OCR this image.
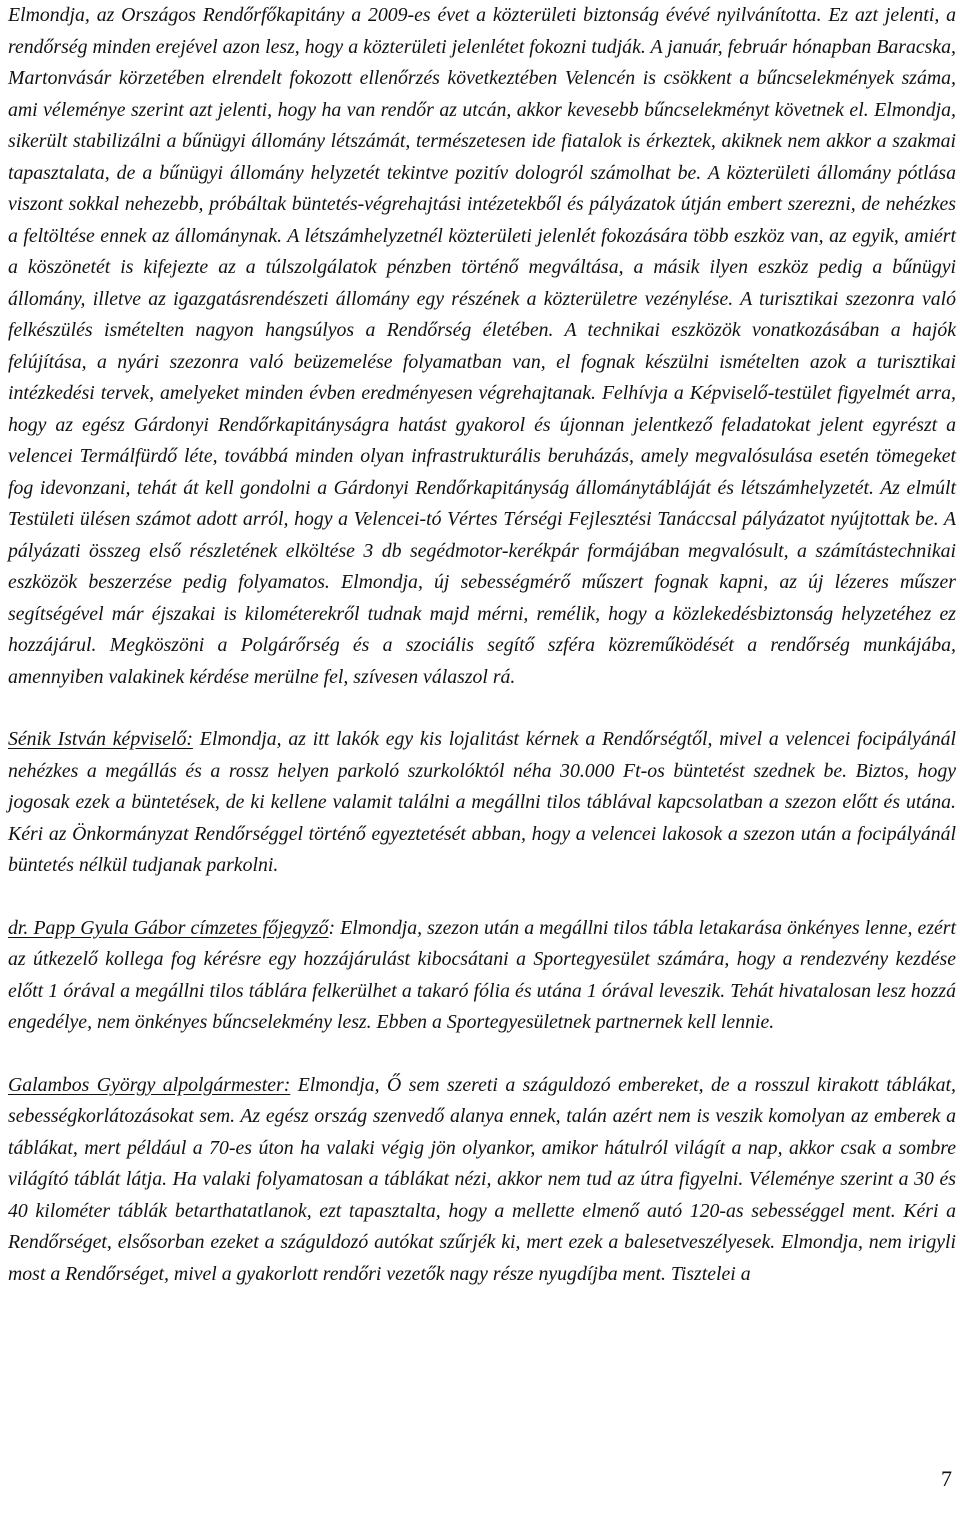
Elmondja, az Országos Rendőrfőkapitány a 2009-es évet a közterületi biztonság évévé nyilvánította. Ez azt jelenti, a rendőrség minden erejével azon lesz, hogy a közterületi jelenlétet fokozni tudják. A január, február hónapban Baracska, Martonvásár körzetében elrendelt fokozott ellenőrzés következtében Velencén is csökkent a bűncselekmények száma, ami véleménye szerint azt jelenti, hogy ha van rendőr az utcán, akkor kevesebb bűncselekményt követnek el. Elmondja, sikerült stabilizálni a bűnügyi állomány létszámát, természetesen ide fiatalok is érkeztek, akiknek nem akkor a szakmai tapasztalata, de a bűnügyi állomány helyzetét tekintve pozitív dologról számolhat be. A közterületi állomány pótlása viszont sokkal nehezebb, próbáltak büntetés-végrehajtási intézetekből és pályázatok útján embert szerezni, de nehézkes a feltöltése ennek az állománynak. A létszámhelyzetnél közterületi jelenlét fokozására több eszköz van, az egyik, amiért a köszönetét is kifejezte az a túlszolgálatok pénzben történő megváltása, a másik ilyen eszköz pedig a bűnügyi állomány, illetve az igazgatásrendészeti állomány egy részének a közterületre vezénylése. A turisztikai szezonra való felkészülés ismételten nagyon hangsúlyos a Rendőrség életében. A technikai eszközök vonatkozásában a hajók felújítása, a nyári szezonra való beüzemelése folyamatban van, el fognak készülni ismételten azok a turisztikai intézkedési tervek, amelyeket minden évben eredményesen végrehajtanak. Felhívja a Képviselő-testület figyelmét arra, hogy az egész Gárdonyi Rendőrkapitányságra hatást gyakorol és újonnan jelentkező feladatokat jelent egyrészt a velencei Termálfürdő léte, továbbá minden olyan infrastrukturális beruházás, amely megvalósulása esetén tömegeket fog idevonzani, tehát át kell gondolni a Gárdonyi Rendőrkapitányság állománytábláját és létszámhelyzetét. Az elmúlt Testületi ülésen számot adott arról, hogy a Velencei-tó Vértes Térségi Fejlesztési Tanáccsal pályázatot nyújtottak be. A pályázati összeg első részletének elköltése 3 db segédmotor-kerékpár formájában megvalósult, a számítástechnikai eszközök beszerzése pedig folyamatos. Elmondja, új sebességmérő műszert fognak kapni, az új lézeres műszer segítségével már éjszakai is kilométerekről tudnak majd mérni, remélik, hogy a közlekedésbiztonság helyzetéhez ez hozzájárul. Megköszöni a Polgárőrség és a szociális segítő szféra közreműködését a rendőrség munkájába, amennyiben valakinek kérdése merülne fel, szívesen válaszol rá.

Sénik István képviselő: Elmondja, az itt lakók egy kis lojalitást kérnek a Rendőrségtől, mivel a velencei focipályánál nehézkes a megállás és a rossz helyen parkoló szurkolóktól néha 30.000 Ft-os büntetést szednek be. Biztos, hogy jogosak ezek a büntetések, de ki kellene valamit találni a megállni tilos táblával kapcsolatban a szezon előtt és utána. Kéri az Önkormányzat Rendőrséggel történő egyeztetését abban, hogy a velencei lakosok a szezon után a focipályánál büntetés nélkül tudjanak parkolni.

dr. Papp Gyula Gábor címzetes főjegyző: Elmondja, szezon után a megállni tilos tábla letakarása önkényes lenne, ezért az útkezelő kollega fog kérésre egy hozzájárulást kibocsátani a Sportegyesület számára, hogy a rendezvény kezdése előtt 1 órával a megállni tilos táblára felkerülhet a takaró fólia és utána 1 órával leveszik. Tehát hivatalosan lesz hozzá engedélye, nem önkényes bűncselekmény lesz. Ebben a Sportegyesületnek partnernek kell lennie.

Galambos György alpolgármester: Elmondja, Ő sem szereti a száguldozó embereket, de a rosszul kirakott táblákat, sebességkorlátozásokat sem. Az egész ország szenvedő alanya ennek, talán azért nem is veszik komolyan az emberek a táblákat, mert például a 70-es úton ha valaki végig jön olyankor, amikor hátulról világít a nap, akkor csak a sombre világító táblát látja. Ha valaki folyamatosan a táblákat nézi, akkor nem tud az útra figyelni. Véleménye szerint a 30 és 40 kilométer táblák betarthatatlanok, ezt tapasztalta, hogy a mellette elmenő autó 120-as sebességgel ment. Kéri a Rendőrséget, elsősorban ezeket a száguldozó autókat szűrjék ki, mert ezek a balesetveszélyesek. Elmondja, nem irigyli most a Rendőrséget, mivel a gyakorlott rendőri vezetők nagy része nyugdíjba ment. Tisztelei a

7
